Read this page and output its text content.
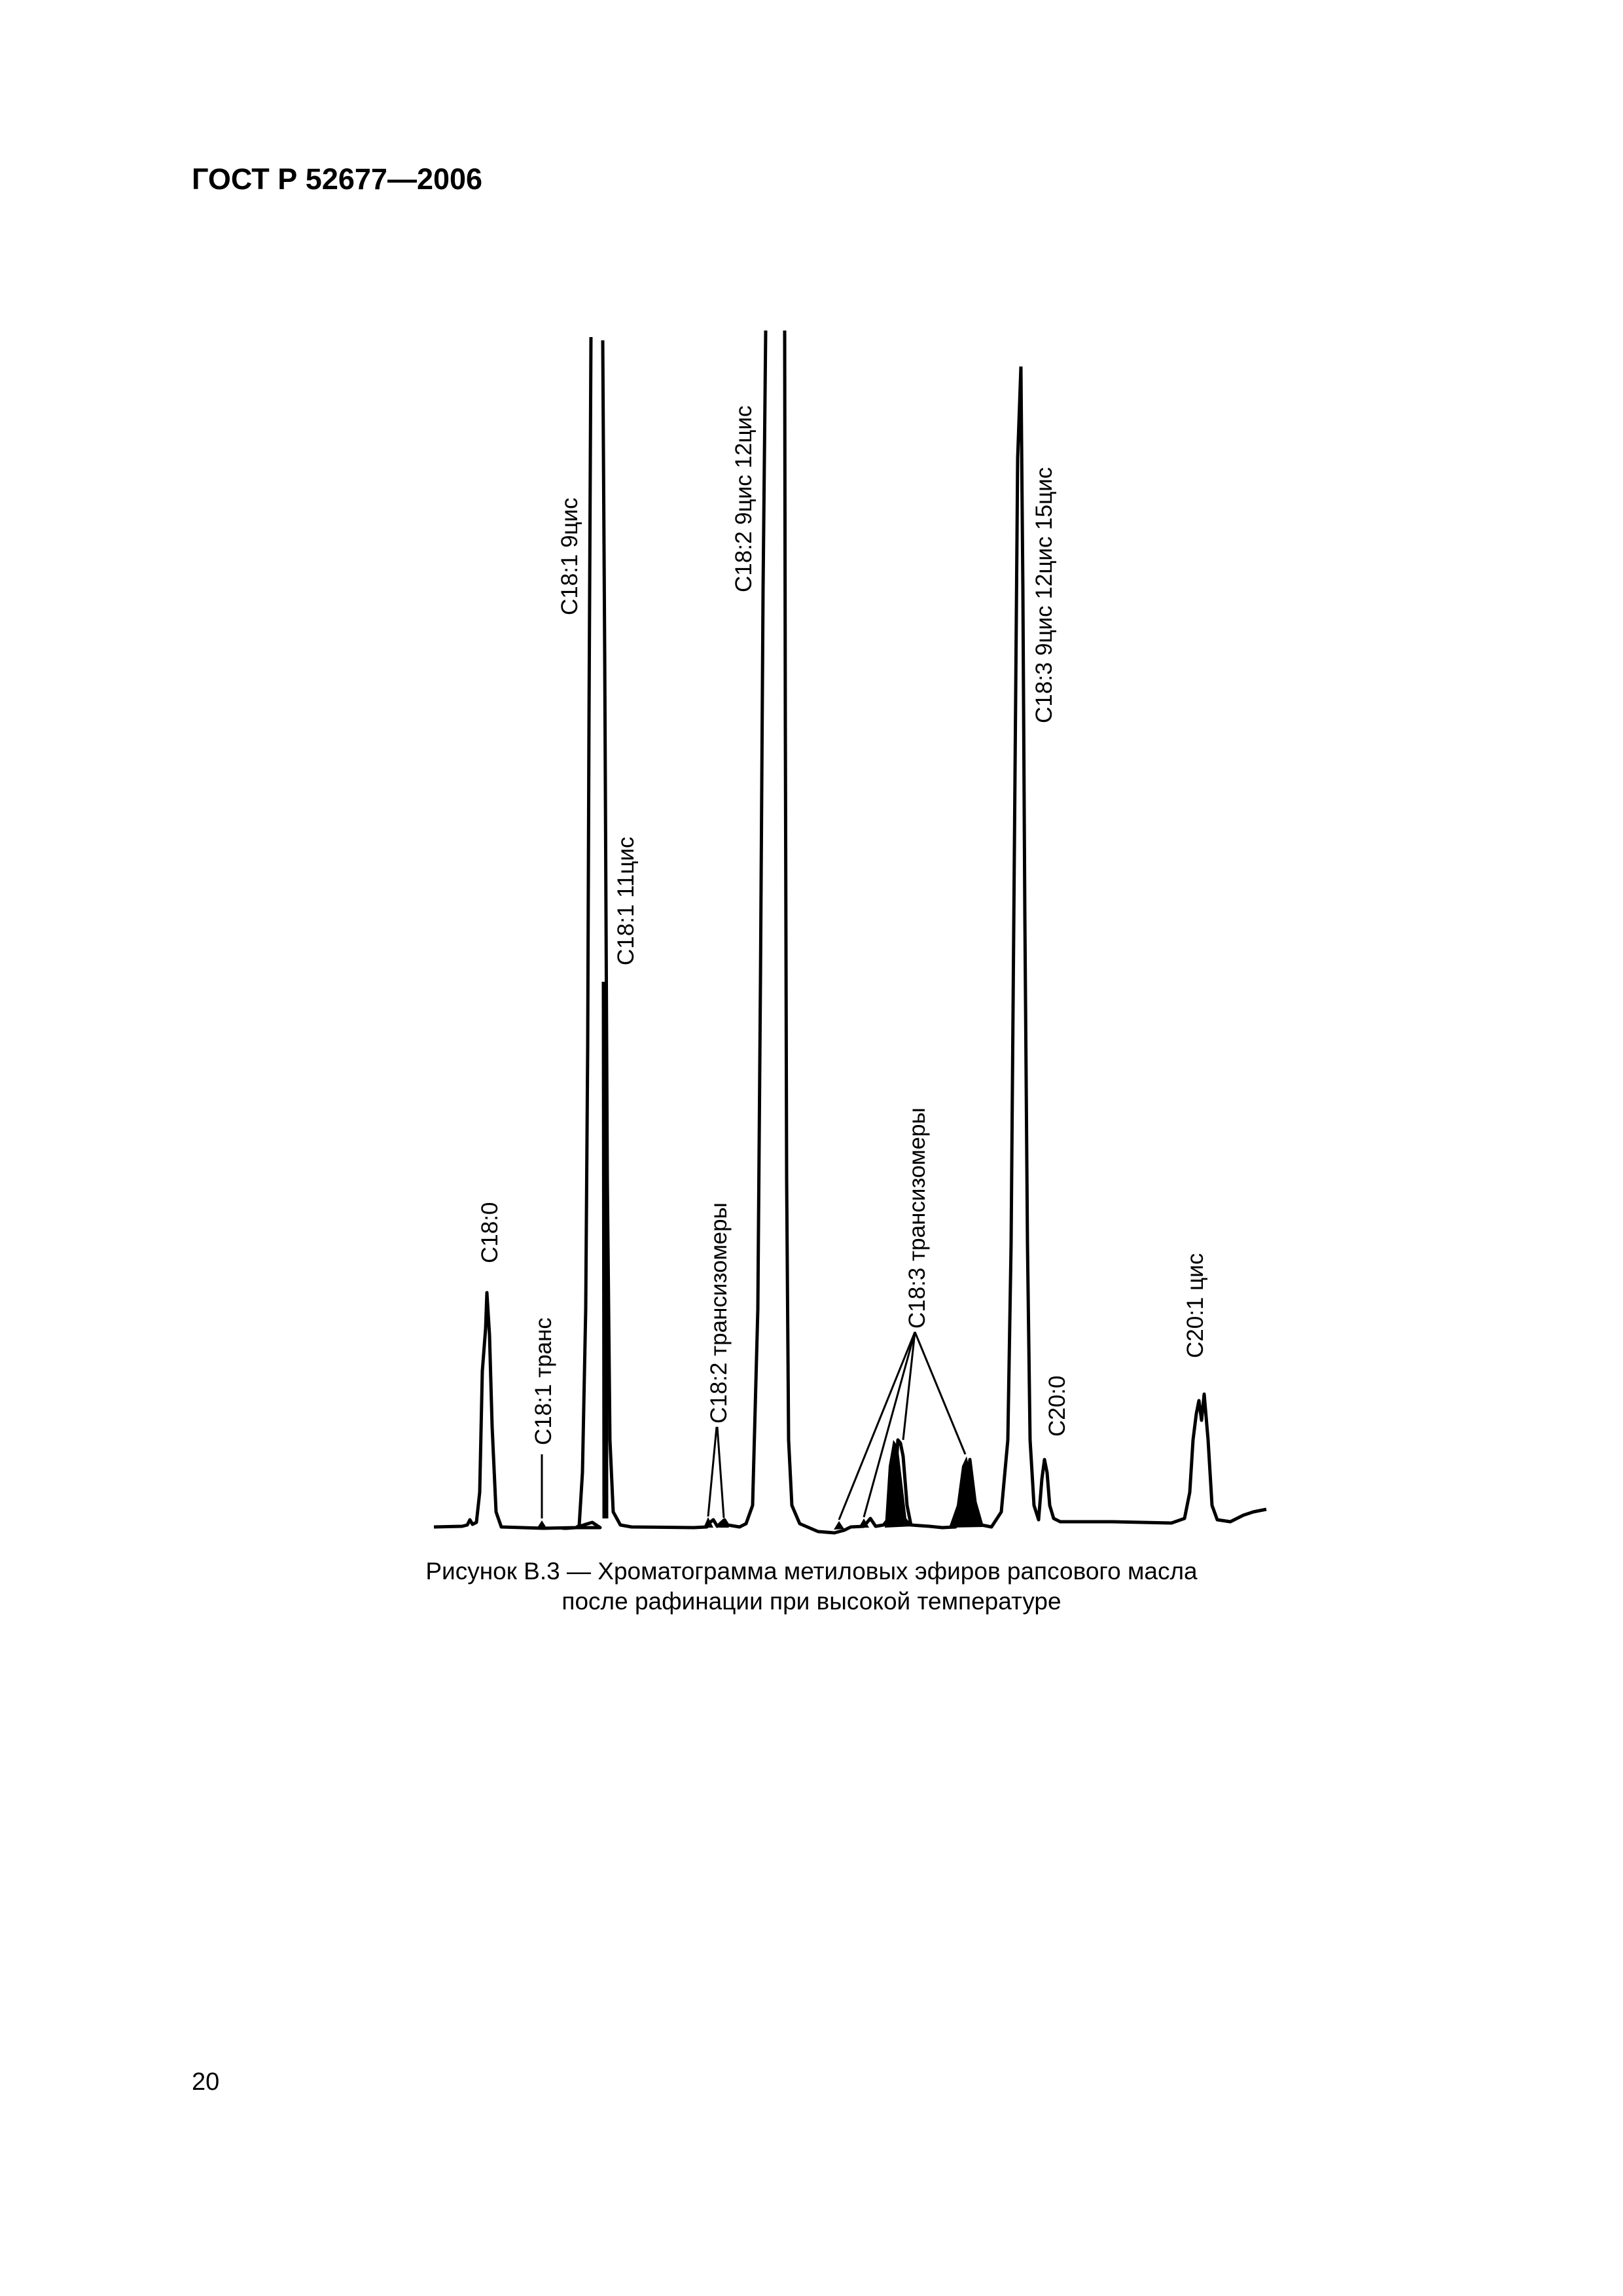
ГОСТ Р 52677—2006
C18:0
C18:1 транс
C18:1 9цис
C18:1 11цис
C18:2 трансизомеры
C18:2 9цис 12цис
C18:3 трансизомеры
C18:3 9цис 12цис 15цис
C20:0
C20:1 цис
Рисунок В.3 — Хроматограмма метиловых эфиров рапсового масла
после рафинации при высокой температуре
20
